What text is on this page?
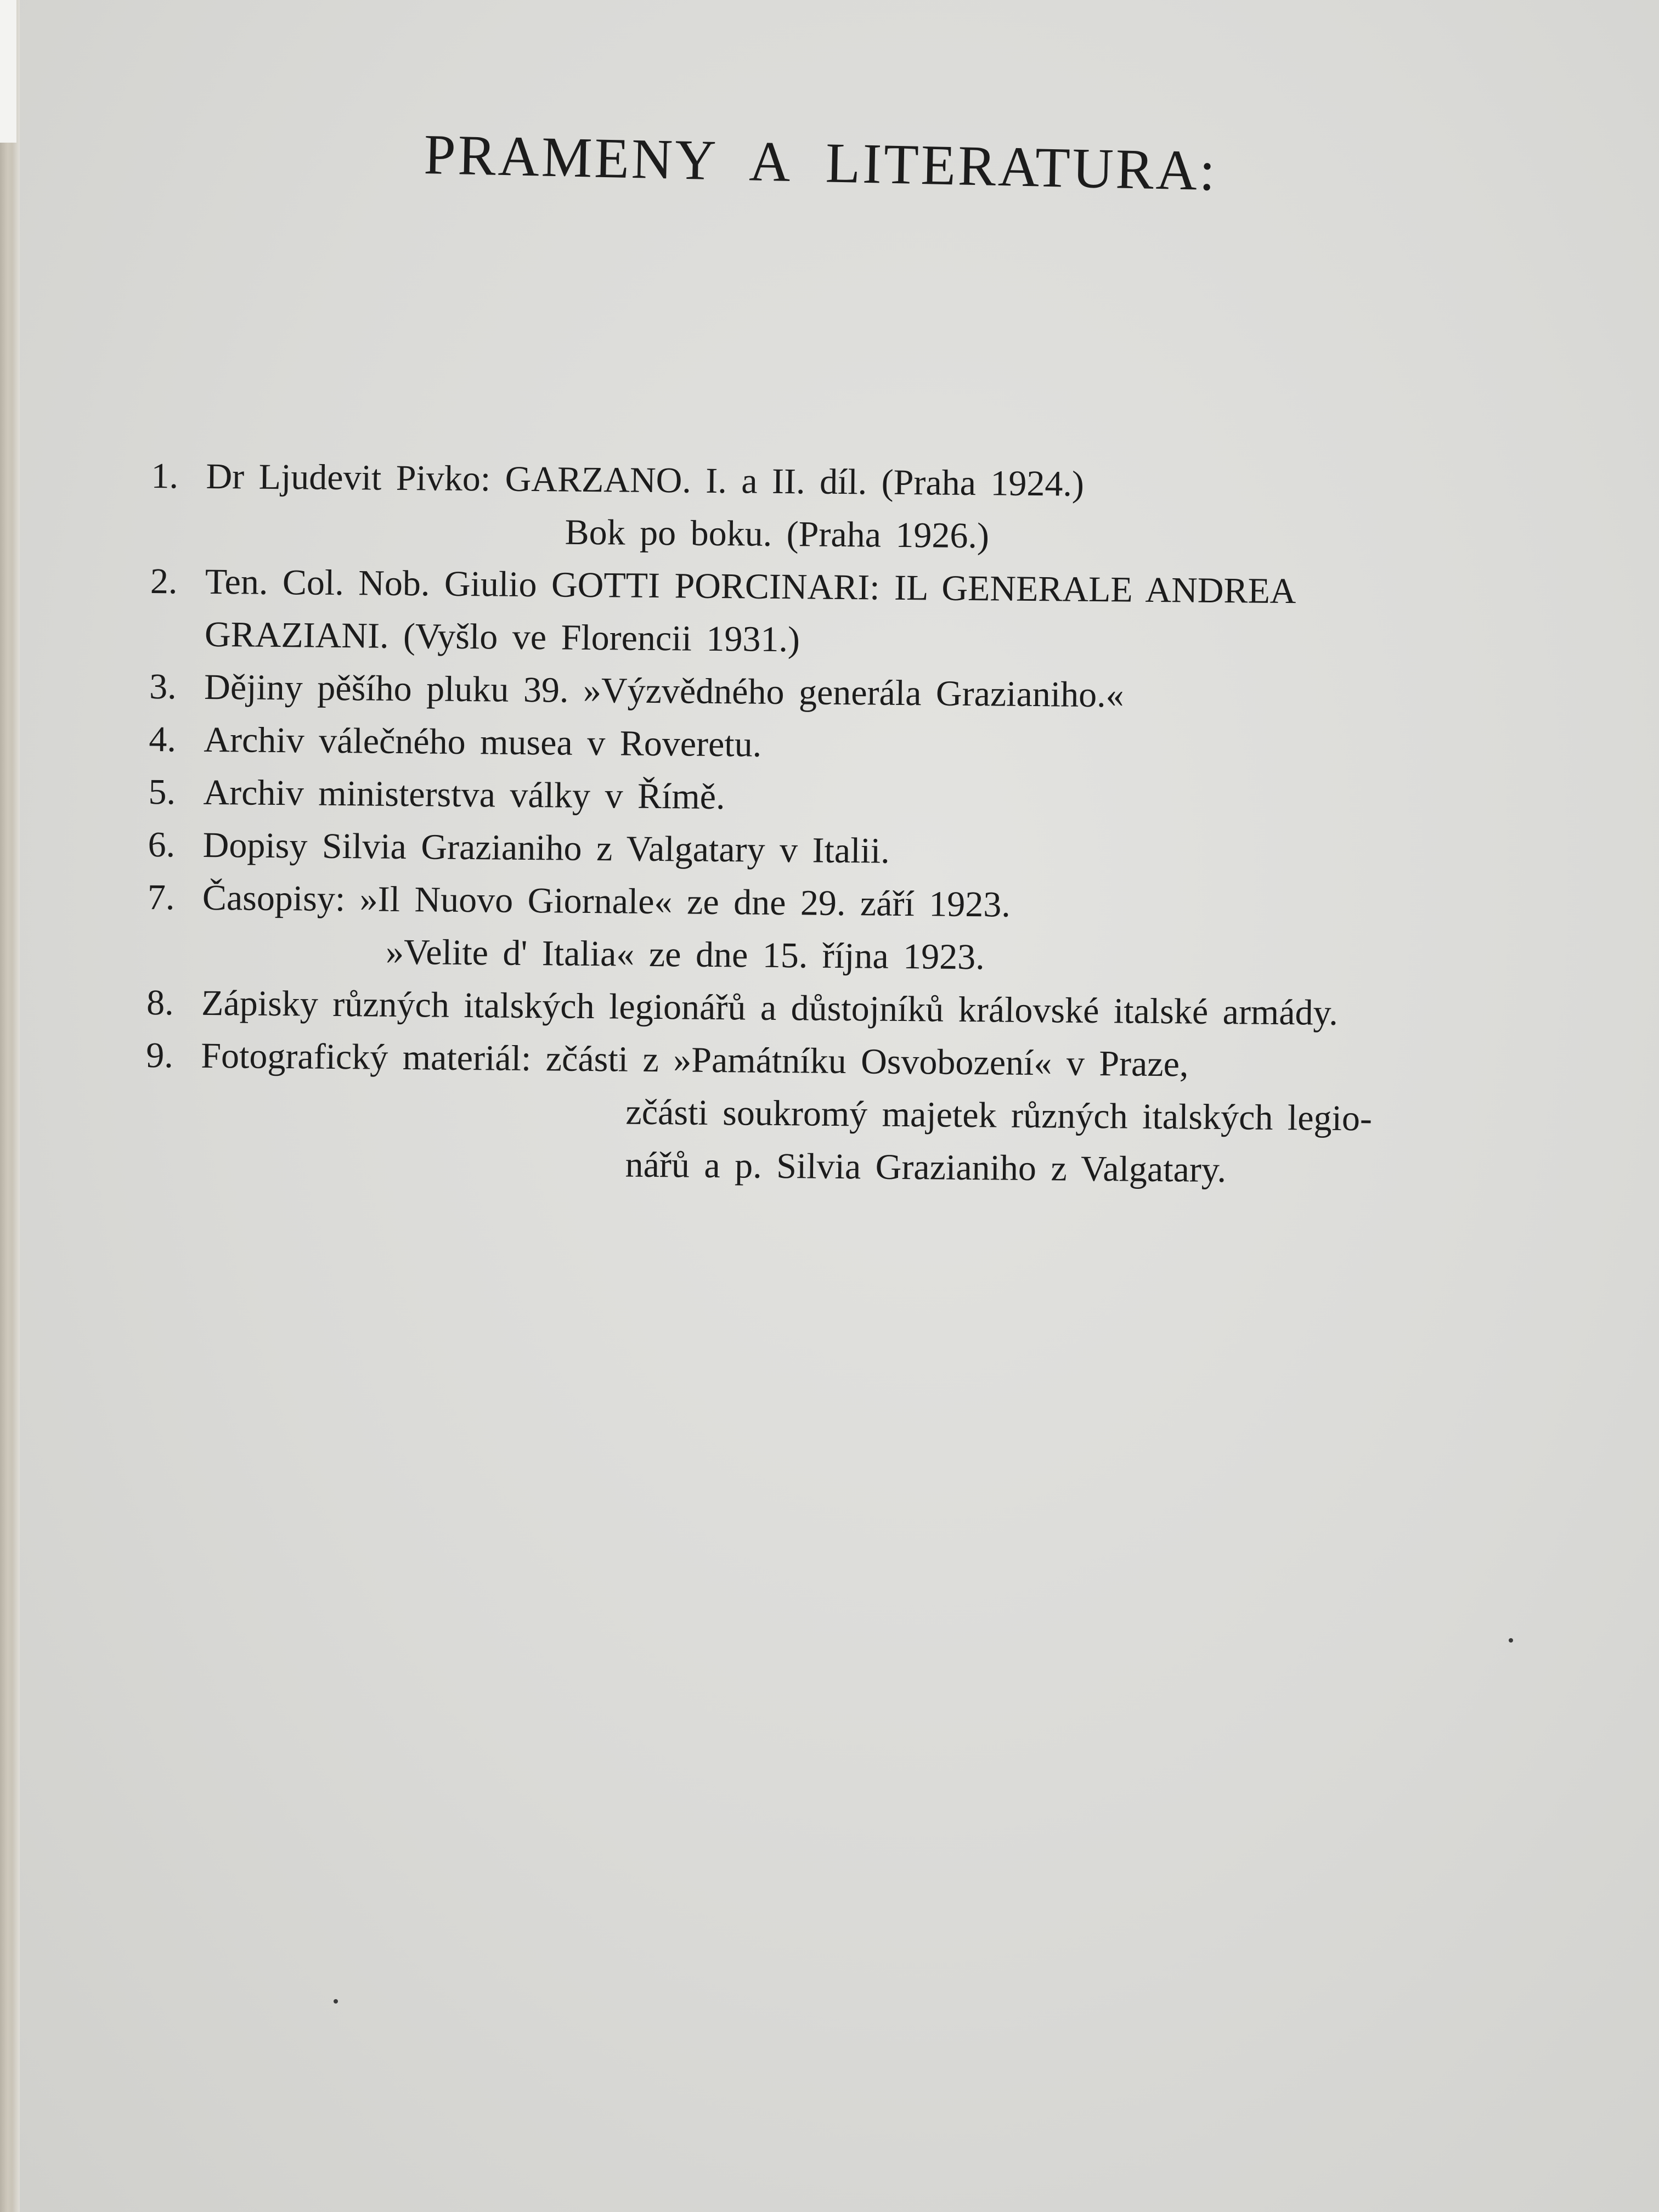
PRAMENY A LITERATURA:
1. Dr Ljudevit Pivko: GARZANO. I. a II. díl. (Praha 1924.)
Bok po boku. (Praha 1926.)
2. Ten. Col. Nob. Giulio GOTTI PORCINARI: IL GENERALE ANDREA
GRAZIANI. (Vyšlo ve Florencii 1931.)
3. Dějiny pěšího pluku 39. »Výzvědného generála Grazianiho.«
4. Archiv válečného musea v Roveretu.
5. Archiv ministerstva války v Římě.
6. Dopisy Silvia Grazianiho z Valgatary v Italii.
7. Časopisy: »Il Nuovo Giornale« ze dne 29. září 1923.
»Velite d' Italia« ze dne 15. října 1923.
8. Zápisky různých italských legionářů a důstojníků královské italské armády.
9. Fotografický materiál: zčásti z »Památníku Osvobození« v Praze,
zčásti soukromý majetek různých italských legio-
nářů a p. Silvia Grazianiho z Valgatary.
